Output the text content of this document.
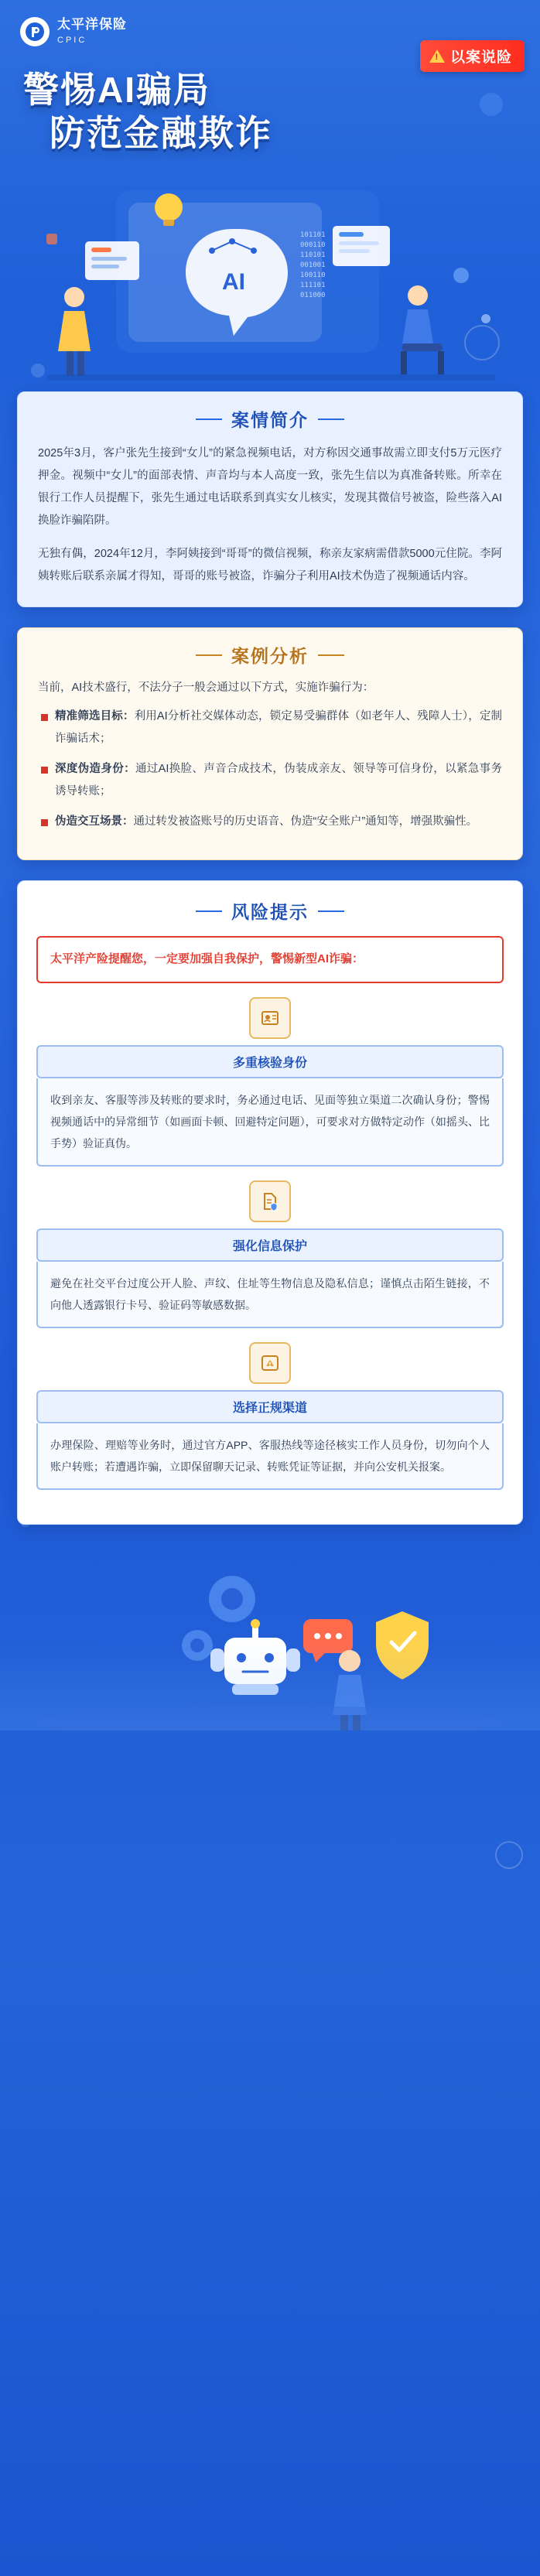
太平洋保险
CPIC
!
以案说险
警惕AI骗局
防范金融欺诈
AI
101101
000110
110101
001001
100110
111101
011000
案情简介

2025年3月，客户张先生接到“女儿”的紧急视频电话，对方称因交通事故需立即支付5万元医疗押金。视频中“女儿”的面部表情、声音均与本人高度一致，张先生信以为真准备转账。所幸在银行工作人员提醒下，张先生通过电话联系到真实女儿核实，发现其微信号被盗，险些落入AI换脸诈骗陷阱。

无独有偶，2024年12月，李阿姨接到“哥哥”的微信视频，称亲友家病需借款5000元住院。李阿姨转账后联系亲属才得知，哥哥的账号被盗，诈骗分子利用AI技术伪造了视频通话内容。

案例分析
当前，AI技术盛行，不法分子一般会通过以下方式，实施诈骗行为：
精准筛选目标：利用AI分析社交媒体动态，锁定易受骗群体（如老年人、残障人士），定制诈骗话术；
深度伪造身份：通过AI换脸、声音合成技术，伪装成亲友、领导等可信身份，以紧急事务诱导转账；
伪造交互场景：通过转发被盗账号的历史语音、伪造“安全账户”通知等，增强欺骗性。
风险提示
太平洋产险提醒您，一定要加强自我保护，警惕新型AI诈骗：
多重核验身份
收到亲友、客服等涉及转账的要求时，务必通过电话、见面等独立渠道二次确认身份；警惕视频通话中的异常细节（如画面卡顿、回避特定问题），可要求对方做特定动作（如摇头、比手势）验证真伪。
强化信息保护
避免在社交平台过度公开人脸、声纹、住址等生物信息及隐私信息；谨慎点击陌生链接，不向他人透露银行卡号、验证码等敏感数据。
选择正规渠道
办理保险、理赔等业务时，通过官方APP、客服热线等途径核实工作人员身份，切勿向个人账户转账；若遭遇诈骗，立即保留聊天记录、转账凭证等证据，并向公安机关报案。
